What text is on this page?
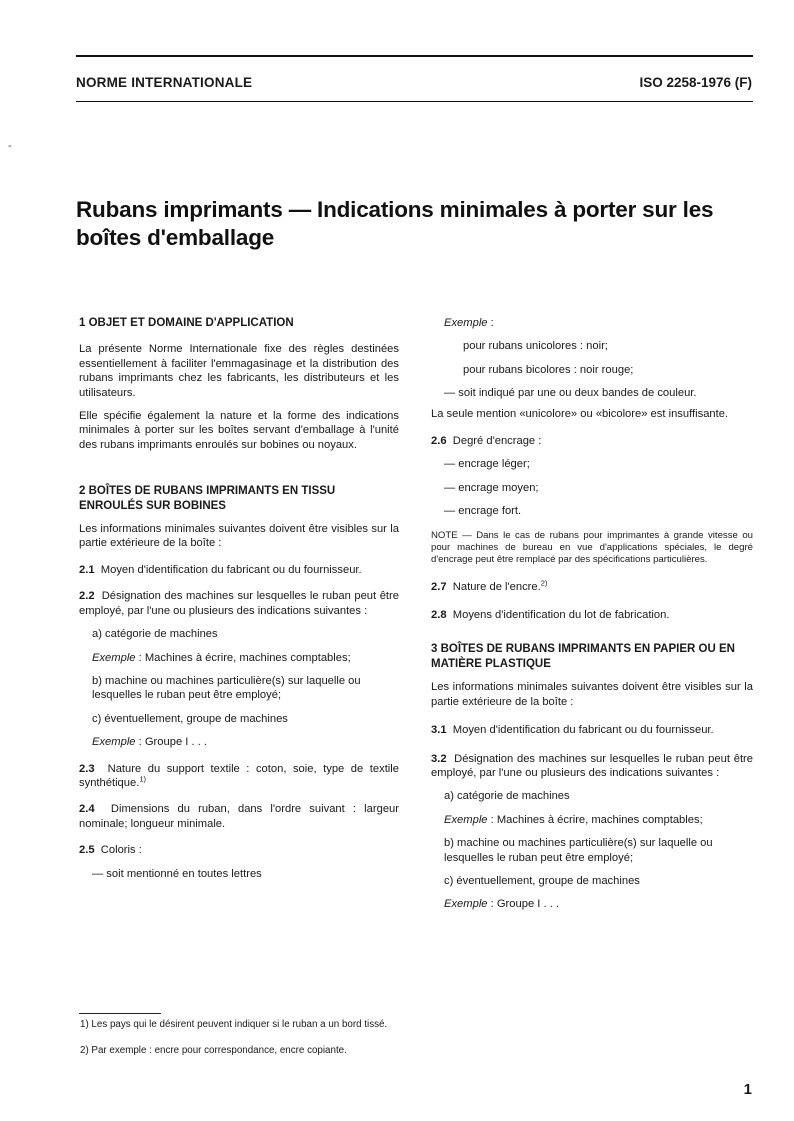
NORME INTERNATIONALE	ISO 2258-1976 (F)
-
Rubans imprimants — Indications minimales à porter sur les boîtes d'emballage

1 OBJET ET DOMAINE D'APPLICATION

La présente Norme Internationale fixe des règles destinées essentiellement à faciliter l'emmagasinage et la distribution des rubans imprimants chez les fabricants, les distributeurs et les utilisateurs.

Elle spécifie également la nature et la forme des indications minimales à porter sur les boîtes servant d'emballage à l'unité des rubans imprimants enroulés sur bobines ou noyaux.

2 BOÎTES DE RUBANS IMPRIMANTS EN TISSU ENROULÉS SUR BOBINES

Les informations minimales suivantes doivent être visibles sur la partie extérieure de la boîte :

2.1 Moyen d'identification du fabricant ou du fournisseur.

2.2 Désignation des machines sur lesquelles le ruban peut être employé, par l'une ou plusieurs des indications suivantes :

a) catégorie de machines

Exemple : Machines à écrire, machines comptables;

b) machine ou machines particulière(s) sur laquelle ou lesquelles le ruban peut être employé;

c) éventuellement, groupe de machines

Exemple : Groupe I . . .

2.3 Nature du support textile : coton, soie, type de textile synthétique.$^{1)}$

2.4 Dimensions du ruban, dans l'ordre suivant : largeur nominale; longueur minimale.

2.5 Coloris :

— soit mentionné en toutes lettres

Exemple :

pour rubans unicolores : noir;

pour rubans bicolores : noir rouge;

— soit indiqué par une ou deux bandes de couleur.

La seule mention «unicolore» ou «bicolore» est insuffisante.

2.6 Degré d'encrage :

— encrage léger;

— encrage moyen;

— encrage fort.

NOTE — Dans le cas de rubans pour imprimantes à grande vitesse ou pour machines de bureau en vue d'applications spéciales, le degré d'encrage peut être remplacé par des spécifications particulières.

2.7 Nature de l'encre.$^{2)}$

2.8 Moyens d'identification du lot de fabrication.

3 BOÎTES DE RUBANS IMPRIMANTS EN PAPIER OU EN MATIÈRE PLASTIQUE

Les informations minimales suivantes doivent être visibles sur la partie extérieure de la boîte :

3.1 Moyen d'identification du fabricant ou du fournisseur.

3.2 Désignation des machines sur lesquelles le ruban peut être employé, par l'une ou plusieurs des indications suivantes :

a) catégorie de machines

Exemple : Machines à écrire, machines comptables;

b) machine ou machines particulière(s) sur laquelle ou lesquelles le ruban peut être employé;

c) éventuellement, groupe de machines

Exemple : Groupe I . . .

1) Les pays qui le désirent peuvent indiquer si le ruban a un bord tissé.

2) Par exemple : encre pour correspondance, encre copiante.

1
